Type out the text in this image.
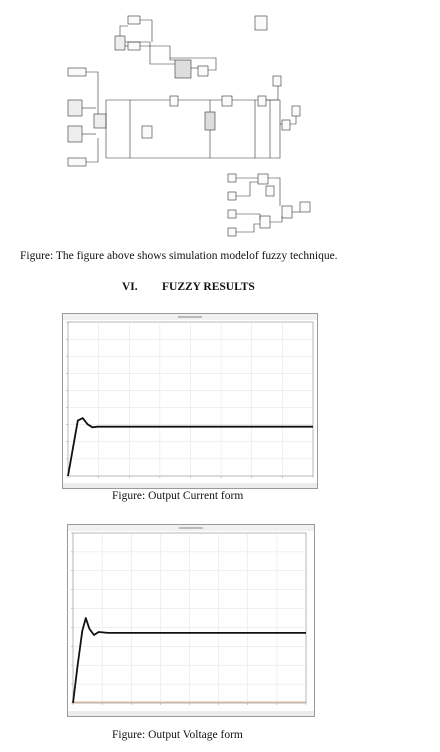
Figure: The figure above shows simulation modelof fuzzy technique.
VI. FUZZY RESULTS
Figure: Output Current form
Figure: Output Voltage form
